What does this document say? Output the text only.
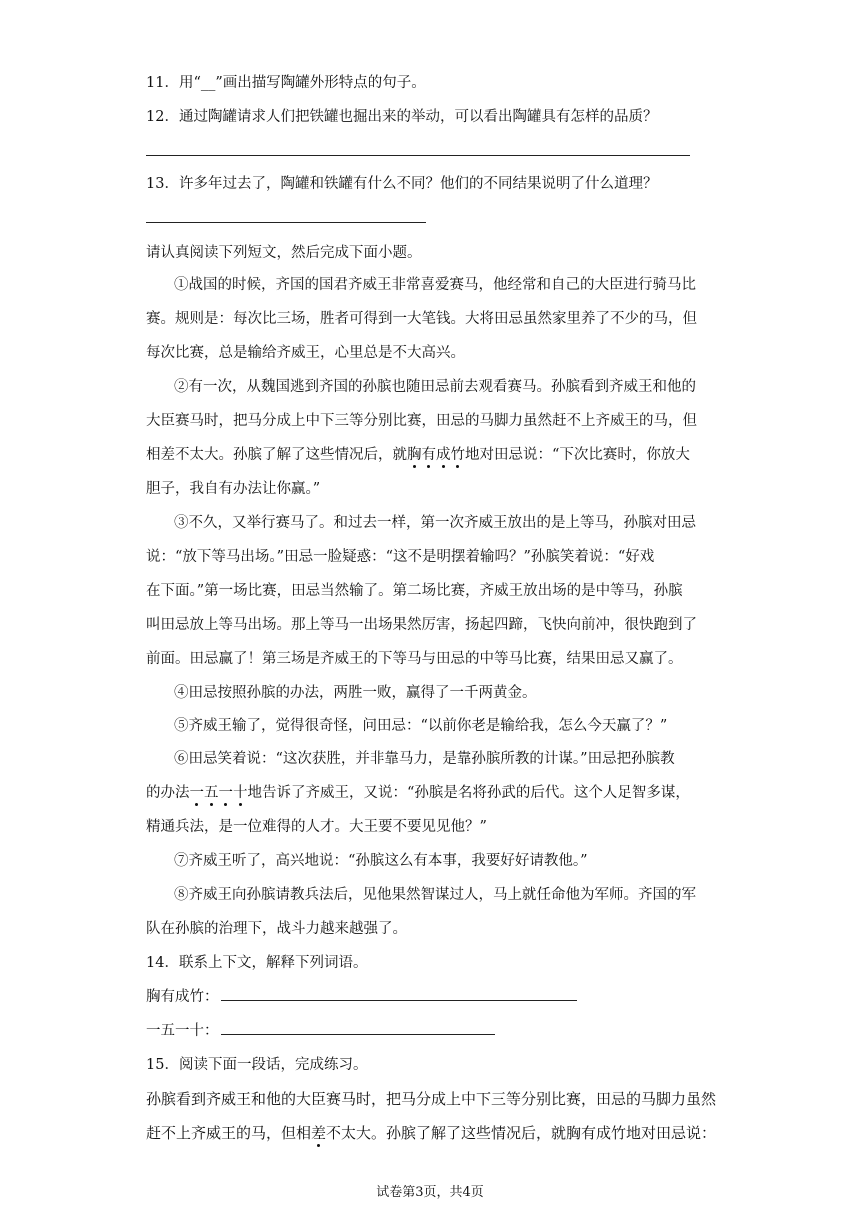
11．用“__”画出描写陶罐外形特点的句子。
12．通过陶罐请求人们把铁罐也掘出来的举动，可以看出陶罐具有怎样的品质？
13．许多年过去了，陶罐和铁罐有什么不同？他们的不同结果说明了什么道理？
请认真阅读下列短文，然后完成下面小题。
①战国的时候，齐国的国君齐威王非常喜爱赛马，他经常和自己的大臣进行骑马比
赛。规则是：每次比三场，胜者可得到一大笔钱。大将田忌虽然家里养了不少的马，但
每次比赛，总是输给齐威王，心里总是不大高兴。
②有一次，从魏国逃到齐国的孙膑也随田忌前去观看赛马。孙膑看到齐威王和他的
大臣赛马时，把马分成上中下三等分别比赛，田忌的马脚力虽然赶不上齐威王的马，但
相差不太大。孙膑了解了这些情况后，就胸有成竹地对田忌说：“下次比赛时，你放大
胆子，我自有办法让你赢。”
③不久，又举行赛马了。和过去一样，第一次齐威王放出的是上等马，孙膑对田忌
说：“放下等马出场。”田忌一脸疑惑：“这不是明摆着输吗？”孙膑笑着说：“好戏
在下面。”第一场比赛，田忌当然输了。第二场比赛，齐威王放出场的是中等马，孙膑
叫田忌放上等马出场。那上等马一出场果然厉害，扬起四蹄，飞快向前冲，很快跑到了
前面。田忌赢了！第三场是齐威王的下等马与田忌的中等马比赛，结果田忌又赢了。
④田忌按照孙膑的办法，两胜一败，赢得了一千两黄金。
⑤齐威王输了，觉得很奇怪，问田忌：“以前你老是输给我，怎么今天赢了？”
⑥田忌笑着说：“这次获胜，并非靠马力，是靠孙膑所教的计谋。”田忌把孙膑教
的办法一五一十地告诉了齐威王，又说：“孙膑是名将孙武的后代。这个人足智多谋，
精通兵法，是一位难得的人才。大王要不要见见他？”
⑦齐威王听了，高兴地说：“孙膑这么有本事，我要好好请教他。”
⑧齐威王向孙膑请教兵法后，见他果然智谋过人，马上就任命他为军师。齐国的军
队在孙膑的治理下，战斗力越来越强了。
14．联系上下文，解释下列词语。
胸有成竹：
一五一十：
15．阅读下面一段话，完成练习。
孙膑看到齐威王和他的大臣赛马时，把马分成上中下三等分别比赛，田忌的马脚力虽然
赶不上齐威王的马，但相差不太大。孙膑了解了这些情况后，就胸有成竹地对田忌说：
试卷第3页，共4页
